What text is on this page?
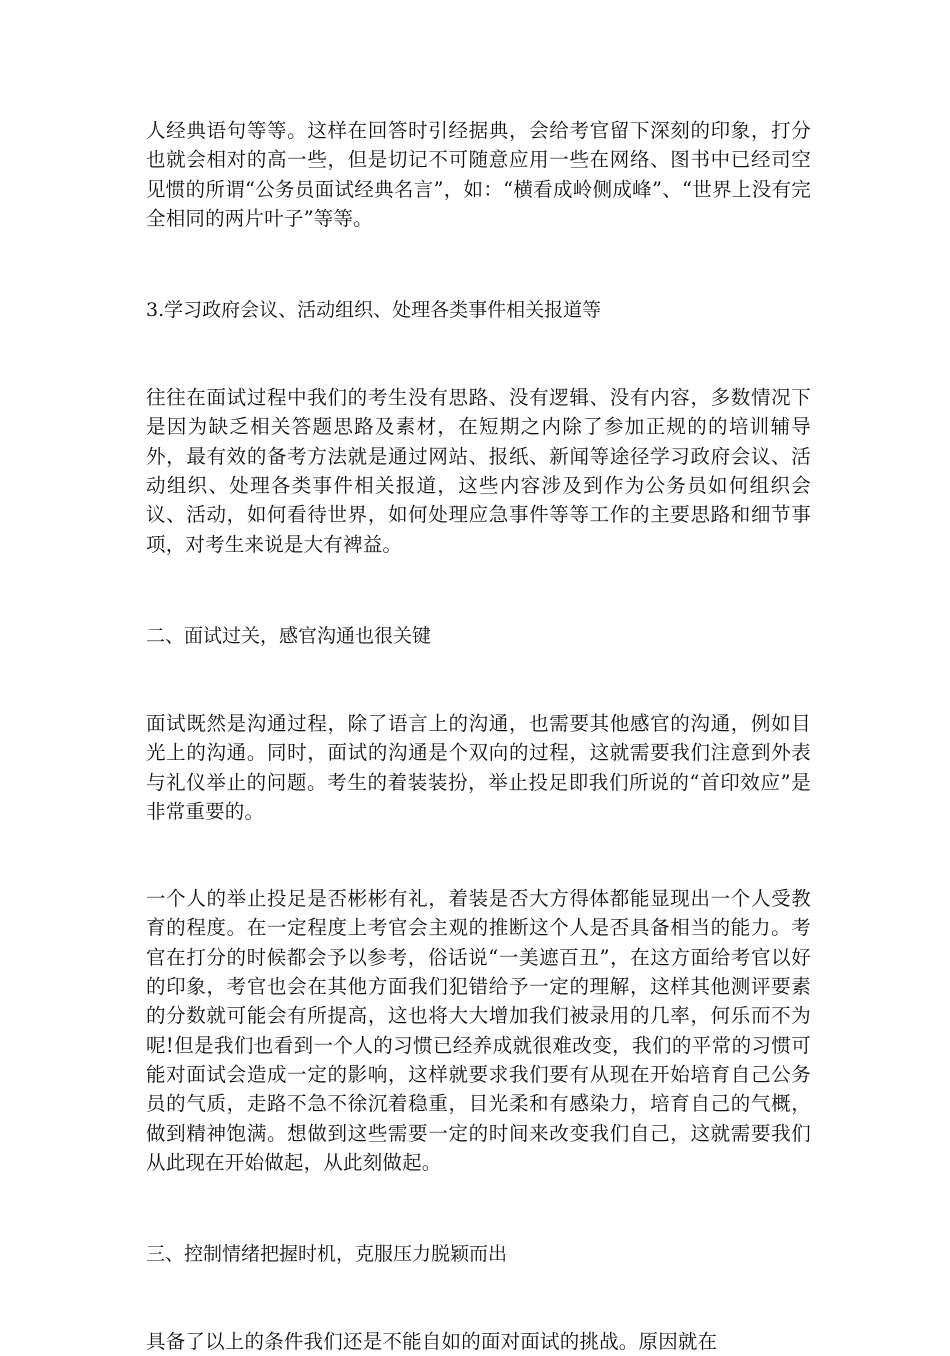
人经典语句等等。这样在回答时引经据典，会给考官留下深刻的印象，打分也就会相对的高一些，但是切记不可随意应用一些在网络、图书中已经司空见惯的所谓“公务员面试经典名言”，如：“横看成岭侧成峰”、“世界上没有完全相同的两片叶子”等等。

3.学习政府会议、活动组织、处理各类事件相关报道等

往往在面试过程中我们的考生没有思路、没有逻辑、没有内容，多数情况下是因为缺乏相关答题思路及素材，在短期之内除了参加正规的的培训辅导外，最有效的备考方法就是通过网站、报纸、新闻等途径学习政府会议、活动组织、处理各类事件相关报道，这些内容涉及到作为公务员如何组织会议、活动，如何看待世界，如何处理应急事件等等工作的主要思路和细节事项，对考生来说是大有裨益。

二、面试过关，感官沟通也很关键

面试既然是沟通过程，除了语言上的沟通，也需要其他感官的沟通，例如目光上的沟通。同时，面试的沟通是个双向的过程，这就需要我们注意到外表与礼仪举止的问题。考生的着装装扮，举止投足即我们所说的“首印效应”是非常重要的。

一个人的举止投足是否彬彬有礼，着装是否大方得体都能显现出一个人受教育的程度。在一定程度上考官会主观的推断这个人是否具备相当的能力。考官在打分的时候都会予以参考，俗话说“一美遮百丑”，在这方面给考官以好的印象，考官也会在其他方面我们犯错给予一定的理解，这样其他测评要素的分数就可能会有所提高，这也将大大增加我们被录用的几率，何乐而不为呢!但是我们也看到一个人的习惯已经养成就很难改变，我们的平常的习惯可能对面试会造成一定的影响，这样就要求我们要有从现在开始培育自己公务员的气质，走路不急不徐沉着稳重，目光柔和有感染力，培育自己的气概，做到精神饱满。想做到这些需要一定的时间来改变我们自己，这就需要我们从此现在开始做起，从此刻做起。

三、控制情绪把握时机，克服压力脱颖而出

具备了以上的条件我们还是不能自如的面对面试的挑战。原因就在
